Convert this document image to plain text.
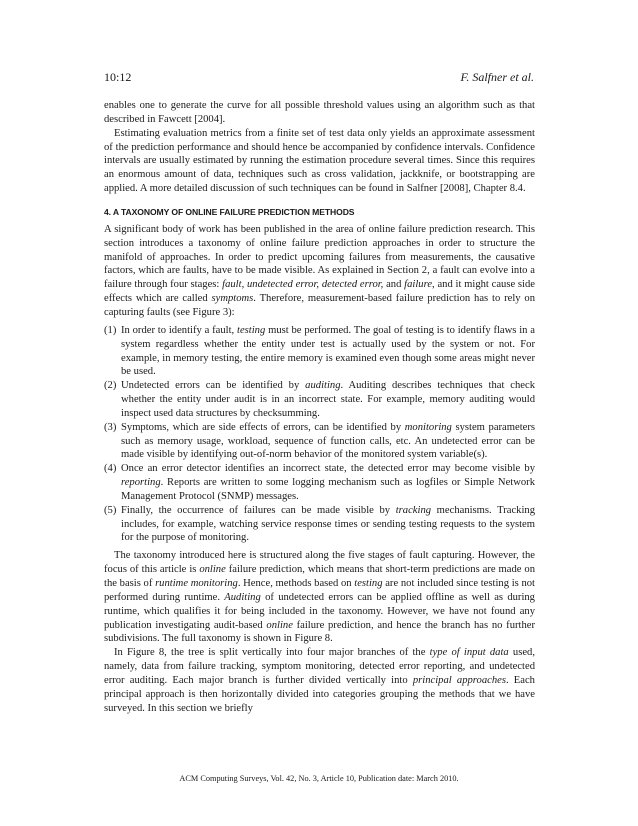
10:12	F. Salfner et al.

enables one to generate the curve for all possible threshold values using an algorithm such as that described in Fawcett [2004].

Estimating evaluation metrics from a finite set of test data only yields an approximate assessment of the prediction performance and should hence be accompanied by confidence intervals. Confidence intervals are usually estimated by running the estimation procedure several times. Since this requires an enormous amount of data, techniques such as cross validation, jackknife, or bootstrapping are applied. A more detailed discussion of such techniques can be found in Salfner [2008], Chapter 8.4.

4. A TAXONOMY OF ONLINE FAILURE PREDICTION METHODS

A significant body of work has been published in the area of online failure prediction research. This section introduces a taxonomy of online failure prediction approaches in order to structure the manifold of approaches. In order to predict upcoming failures from measurements, the causative factors, which are faults, have to be made visible. As explained in Section 2, a fault can evolve into a failure through four stages: fault, undetected error, detected error, and failure, and it might cause side effects which are called symptoms. Therefore, measurement-based failure prediction has to rely on capturing faults (see Figure 3):

(1) In order to identify a fault, testing must be performed. The goal of testing is to identify flaws in a system regardless whether the entity under test is actually used by the system or not. For example, in memory testing, the entire memory is examined even though some areas might never be used.
(2) Undetected errors can be identified by auditing. Auditing describes techniques that check whether the entity under audit is in an incorrect state. For example, memory auditing would inspect used data structures by checksumming.
(3) Symptoms, which are side effects of errors, can be identified by monitoring system parameters such as memory usage, workload, sequence of function calls, etc. An undetected error can be made visible by identifying out-of-norm behavior of the monitored system variable(s).
(4) Once an error detector identifies an incorrect state, the detected error may become visible by reporting. Reports are written to some logging mechanism such as logfiles or Simple Network Management Protocol (SNMP) messages.
(5) Finally, the occurrence of failures can be made visible by tracking mechanisms. Tracking includes, for example, watching service response times or sending testing requests to the system for the purpose of monitoring.

The taxonomy introduced here is structured along the five stages of fault capturing. However, the focus of this article is online failure prediction, which means that short-term predictions are made on the basis of runtime monitoring. Hence, methods based on testing are not included since testing is not performed during runtime. Auditing of undetected errors can be applied offline as well as during runtime, which qualifies it for being included in the taxonomy. However, we have not found any publication investigating audit-based online failure prediction, and hence the branch has no further subdivisions. The full taxonomy is shown in Figure 8.

In Figure 8, the tree is split vertically into four major branches of the type of input data used, namely, data from failure tracking, symptom monitoring, detected error reporting, and undetected error auditing. Each major branch is further divided vertically into principal approaches. Each principal approach is then horizontally divided into categories grouping the methods that we have surveyed. In this section we briefly

ACM Computing Surveys, Vol. 42, No. 3, Article 10, Publication date: March 2010.
